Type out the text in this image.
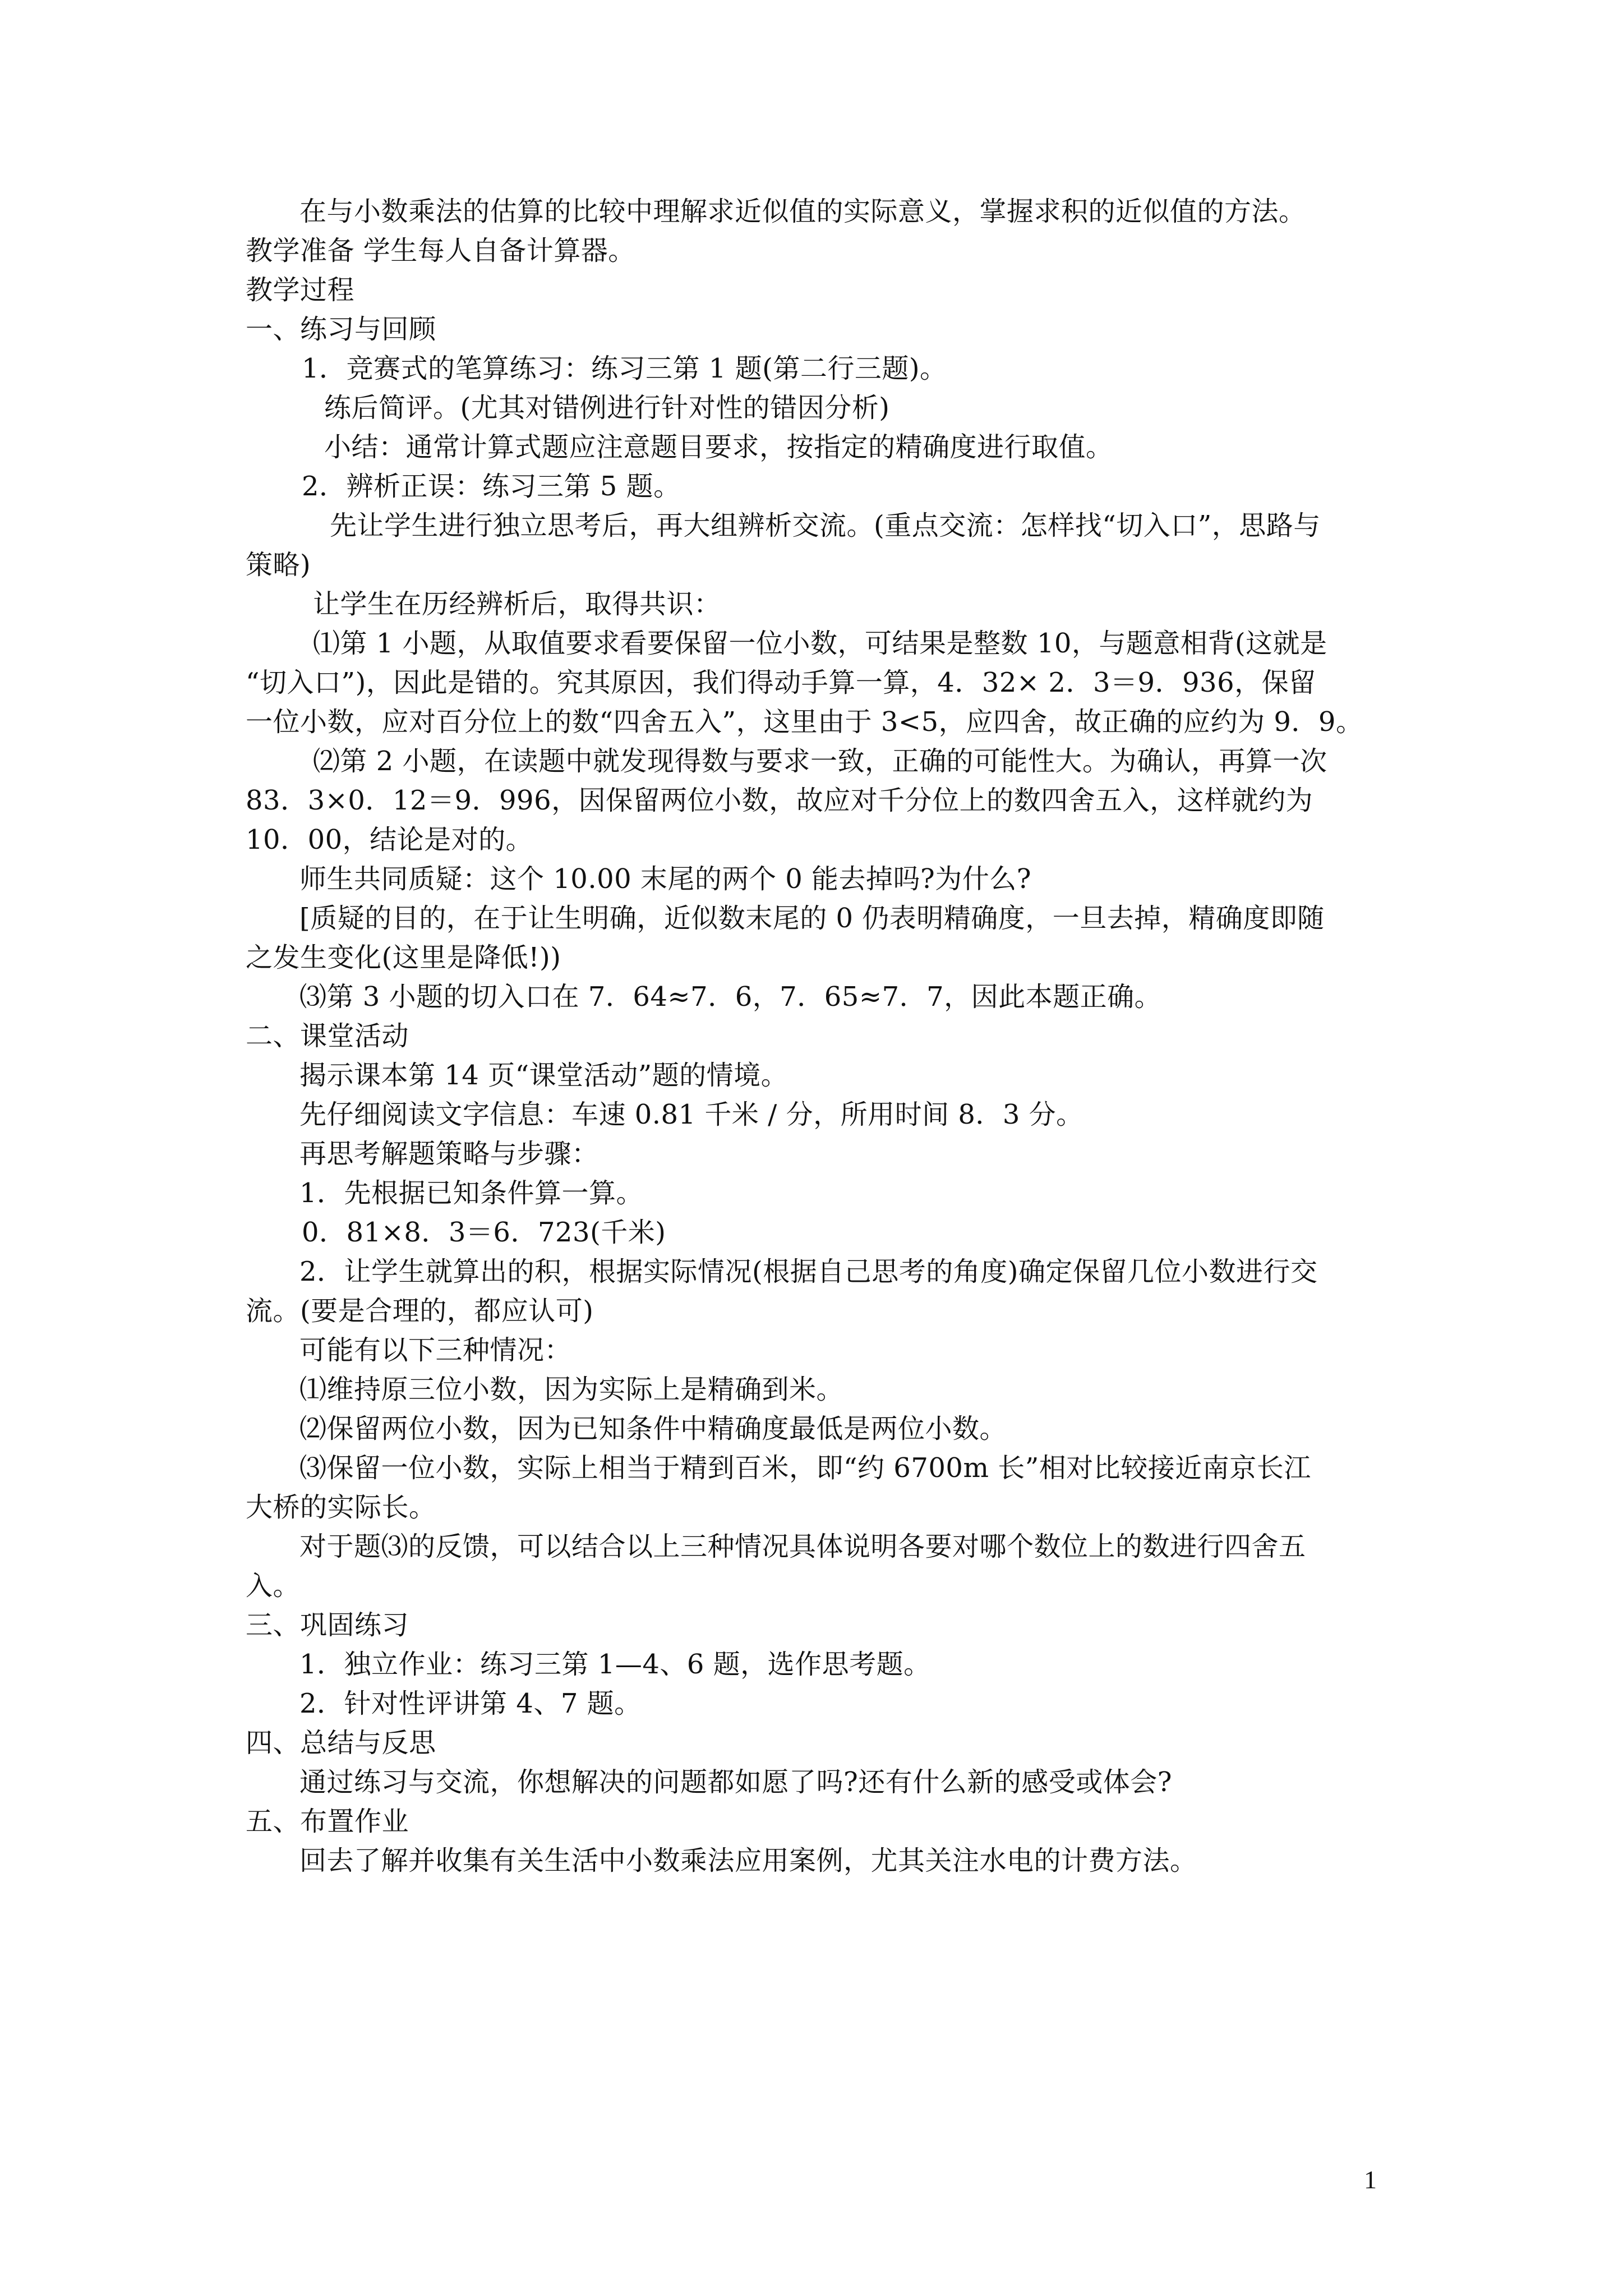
在与小数乘法的估算的比较中理解求近似值的实际意义，掌握求积的近似值的方法。
教学准备 学生每人自备计算器。
教学过程
一、练习与回顾
1．竞赛式的笔算练习：练习三第 1 题(第二行三题)。
练后简评。(尤其对错例进行针对性的错因分析)
小结：通常计算式题应注意题目要求，按指定的精确度进行取值。
2．辨析正误：练习三第 5 题。
先让学生进行独立思考后，再大组辨析交流。(重点交流：怎样找“切入口”，思路与
策略)
让学生在历经辨析后，取得共识：
⑴第 1 小题，从取值要求看要保留一位小数，可结果是整数 10，与题意相背(这就是
“切入口”)，因此是错的。究其原因，我们得动手算一算，4．32× 2．3＝9．936，保留
一位小数，应对百分位上的数“四舍五入”，这里由于 3<5，应四舍，故正确的应约为 9．9。
⑵第 2 小题，在读题中就发现得数与要求一致，正确的可能性大。为确认，再算一次
83．3×0．12＝9．996，因保留两位小数，故应对千分位上的数四舍五入，这样就约为
10．00，结论是对的。
师生共同质疑：这个 10.00 末尾的两个 0 能去掉吗?为什么?
[质疑的目的，在于让生明确，近似数末尾的 0 仍表明精确度，一旦去掉，精确度即随
之发生变化(这里是降低!))
⑶第 3 小题的切入口在 7．64≈7．6，7．65≈7．7，因此本题正确。
二、课堂活动
揭示课本第 14 页“课堂活动”题的情境。
先仔细阅读文字信息：车速 0.81 千米 / 分，所用时间 8．3 分。
再思考解题策略与步骤：
1．先根据已知条件算一算。
0．81×8．3＝6．723(千米)
2．让学生就算出的积，根据实际情况(根据自己思考的角度)确定保留几位小数进行交
流。(要是合理的，都应认可)
可能有以下三种情况：
⑴维持原三位小数，因为实际上是精确到米。
⑵保留两位小数，因为已知条件中精确度最低是两位小数。
⑶保留一位小数，实际上相当于精到百米，即“约 6700m 长”相对比较接近南京长江
大桥的实际长。
对于题⑶的反馈，可以结合以上三种情况具体说明各要对哪个数位上的数进行四舍五
入。
三、巩固练习
1．独立作业：练习三第 1—4、6 题，选作思考题。
2．针对性评讲第 4、7 题。
四、总结与反思
通过练习与交流，你想解决的问题都如愿了吗?还有什么新的感受或体会?
五、布置作业
回去了解并收集有关生活中小数乘法应用案例，尤其关注水电的计费方法。
1
